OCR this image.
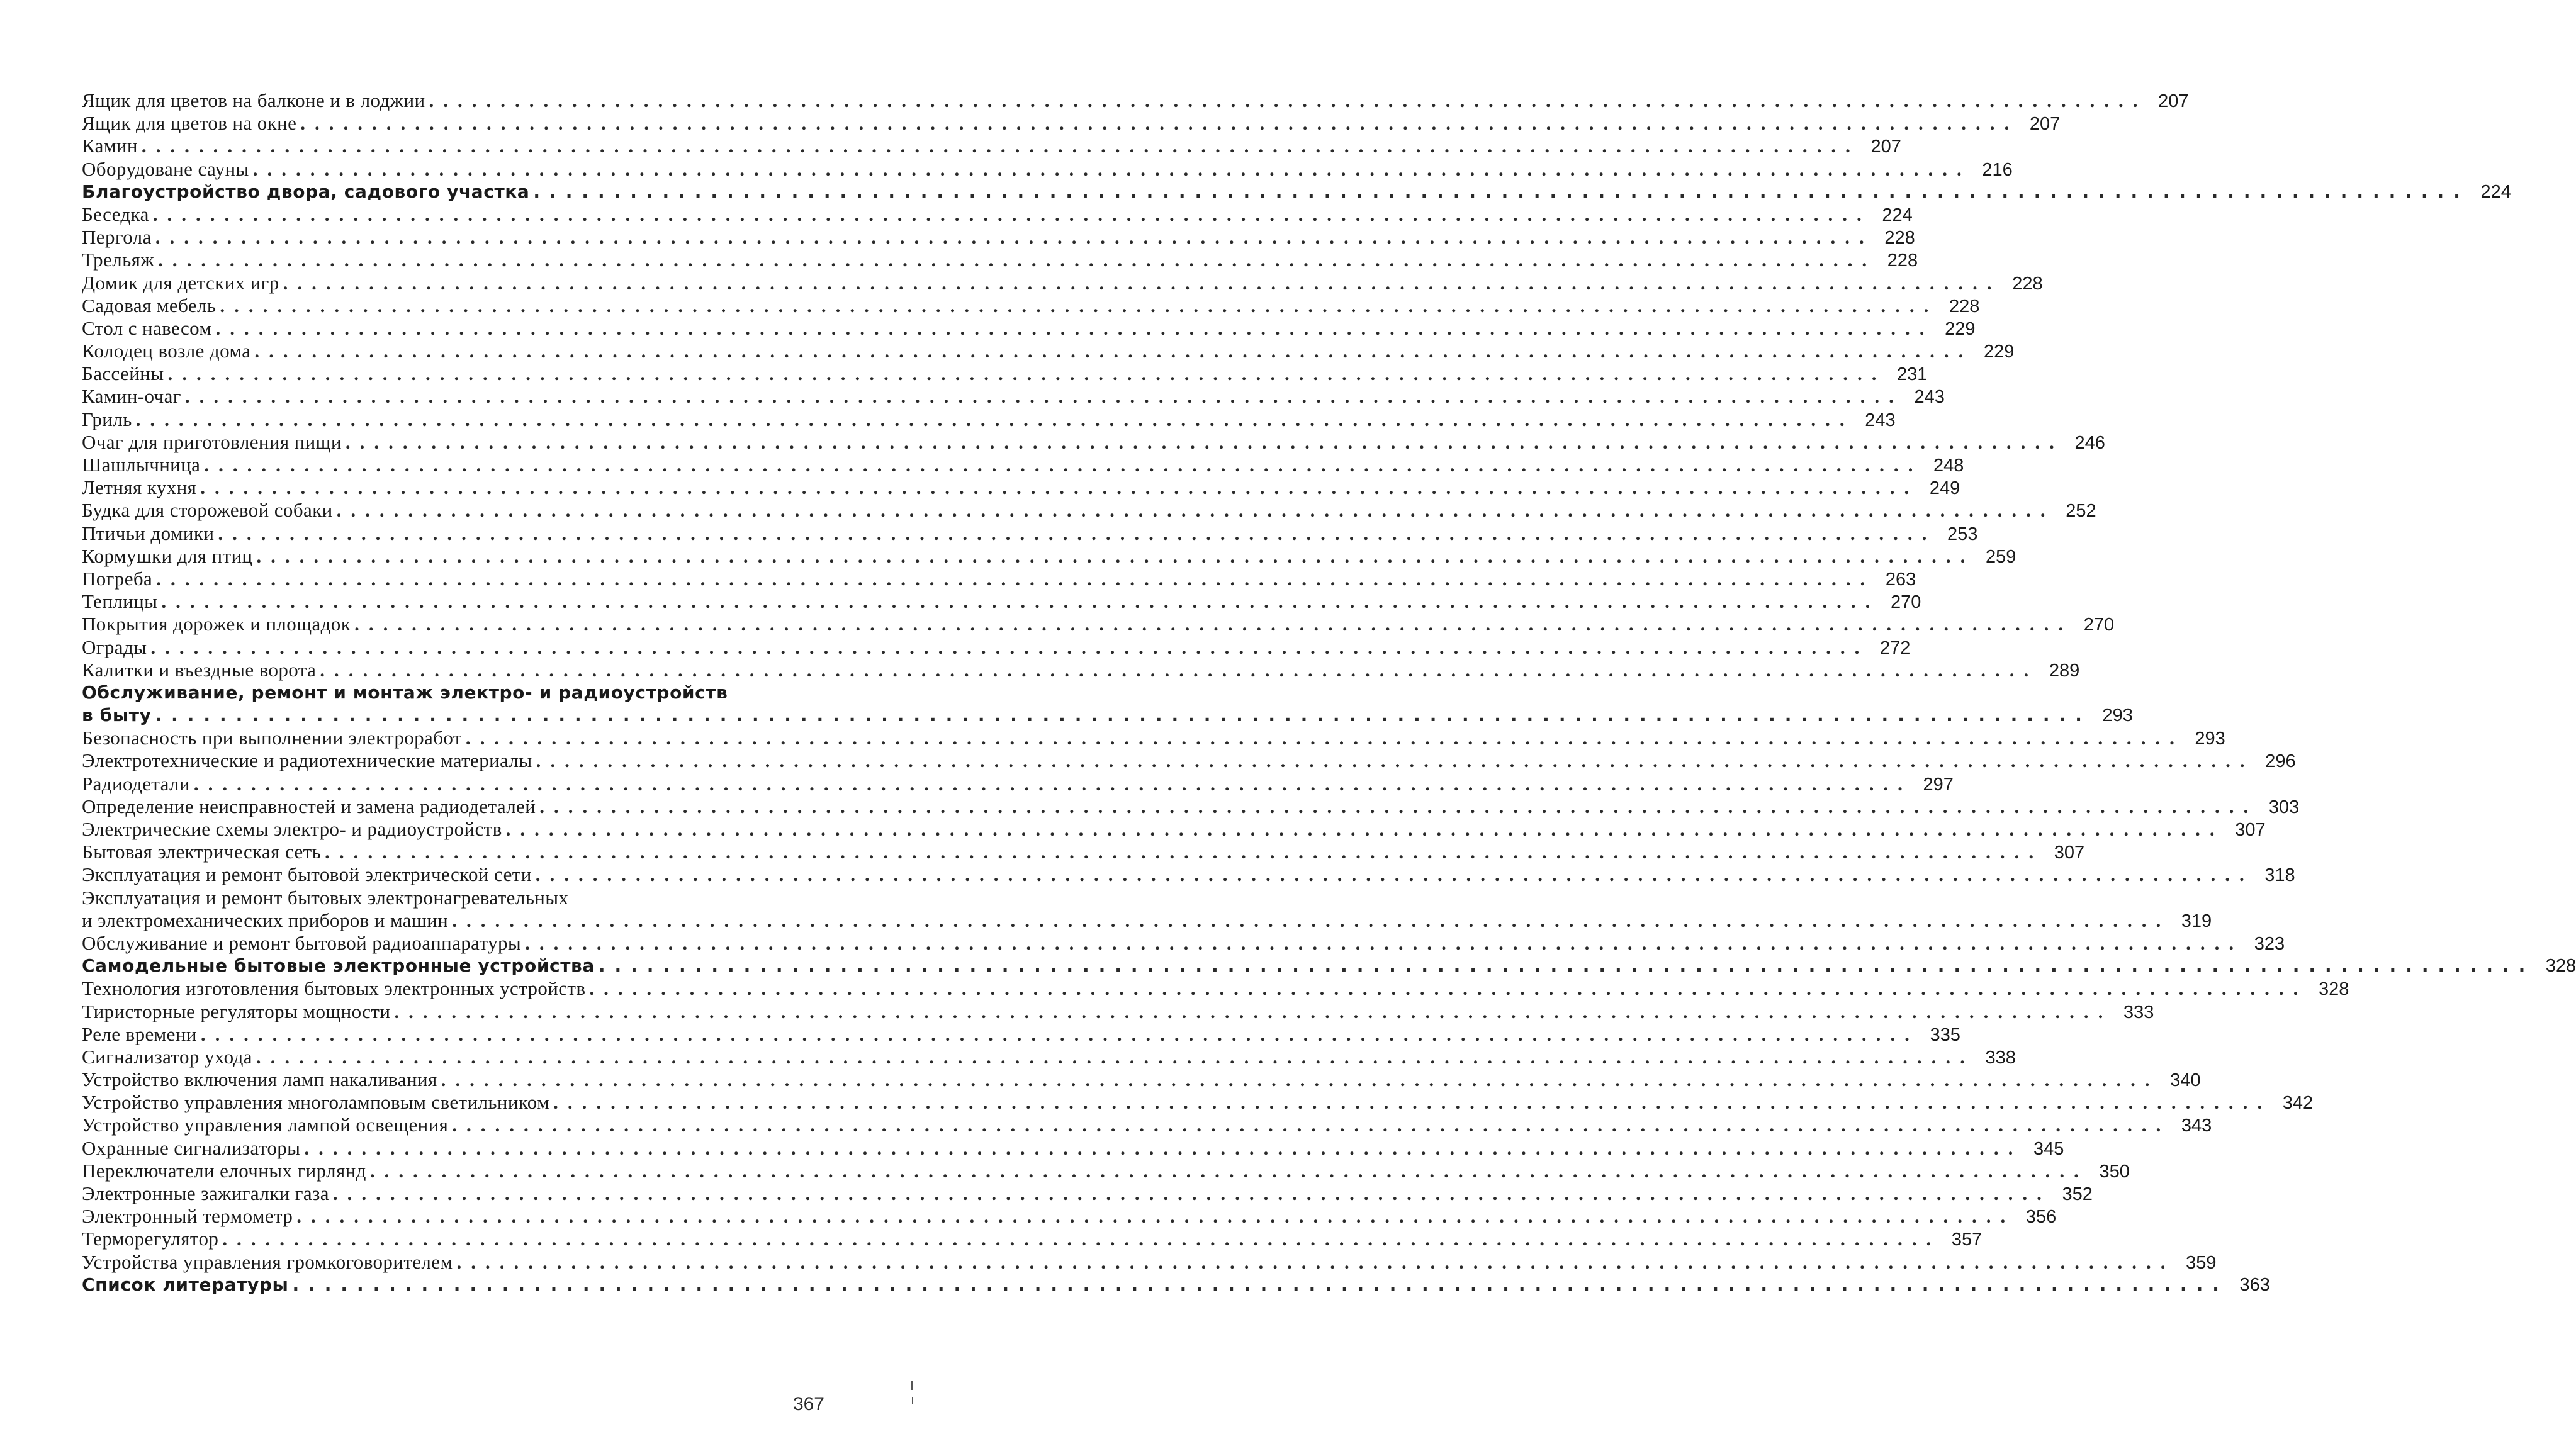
Ящик для цветов на балконе и в лоджии ........................................................................................................................ 207
Ящик для цветов на окне ........................................................................................................................ 207
Камин ........................................................................................................................ 207
Оборудоване сауны ........................................................................................................................ 216
Благоустройство двора, садового участка ........................................................................................................................ 224
Беседка ........................................................................................................................ 224
Пергола ........................................................................................................................ 228
Трельяж ........................................................................................................................ 228
Домик для детских игр ........................................................................................................................ 228
Садовая мебель ........................................................................................................................ 228
Стол с навесом ........................................................................................................................ 229
Колодец возле дома ........................................................................................................................ 229
Бассейны ........................................................................................................................ 231
Камин-очаг ........................................................................................................................ 243
Гриль ........................................................................................................................ 243
Очаг для приготовления пищи ........................................................................................................................ 246
Шашлычница ........................................................................................................................ 248
Летняя кухня ........................................................................................................................ 249
Будка для сторожевой собаки ........................................................................................................................ 252
Птичьи домики ........................................................................................................................ 253
Кормушки для птиц ........................................................................................................................ 259
Погреба ........................................................................................................................ 263
Теплицы ........................................................................................................................ 270
Покрытия дорожек и площадок ........................................................................................................................ 270
Ограды ........................................................................................................................ 272
Калитки и въездные ворота ........................................................................................................................ 289
Обслуживание, ремонт и монтаж электро- и радиоустройств
в быту ........................................................................................................................ 293
Безопасность при выполнении электроработ ........................................................................................................................ 293
Электротехнические и радиотехнические материалы ........................................................................................................................ 296
Радиодетали ........................................................................................................................ 297
Определение неисправностей и замена радиодеталей ........................................................................................................................ 303
Электрические схемы электро- и радиоустройств ........................................................................................................................ 307
Бытовая электрическая сеть ........................................................................................................................ 307
Эксплуатация и ремонт бытовой электрической сети ........................................................................................................................ 318
Эксплуатация и ремонт бытовых электронагревательных
и электромеханических приборов и машин ........................................................................................................................ 319
Обслуживание и ремонт бытовой радиоаппаратуры ........................................................................................................................ 323
Самодельные бытовые электронные устройства ........................................................................................................................ 328
Технология изготовления бытовых электронных устройств ........................................................................................................................ 328
Тиристорные регуляторы мощности ........................................................................................................................ 333
Реле времени ........................................................................................................................ 335
Сигнализатор ухода ........................................................................................................................ 338
Устройство включения ламп накаливания ........................................................................................................................ 340
Устройство управления многоламповым светильником ........................................................................................................................ 342
Устройство управления лампой освещения ........................................................................................................................ 343
Охранные сигнализаторы ........................................................................................................................ 345
Переключатели елочных гирлянд ........................................................................................................................ 350
Электронные зажигалки газа ........................................................................................................................ 352
Электронный термометр ........................................................................................................................ 356
Терморегулятор ........................................................................................................................ 357
Устройства управления громкоговорителем ........................................................................................................................ 359
Список литературы ........................................................................................................................ 363
367
